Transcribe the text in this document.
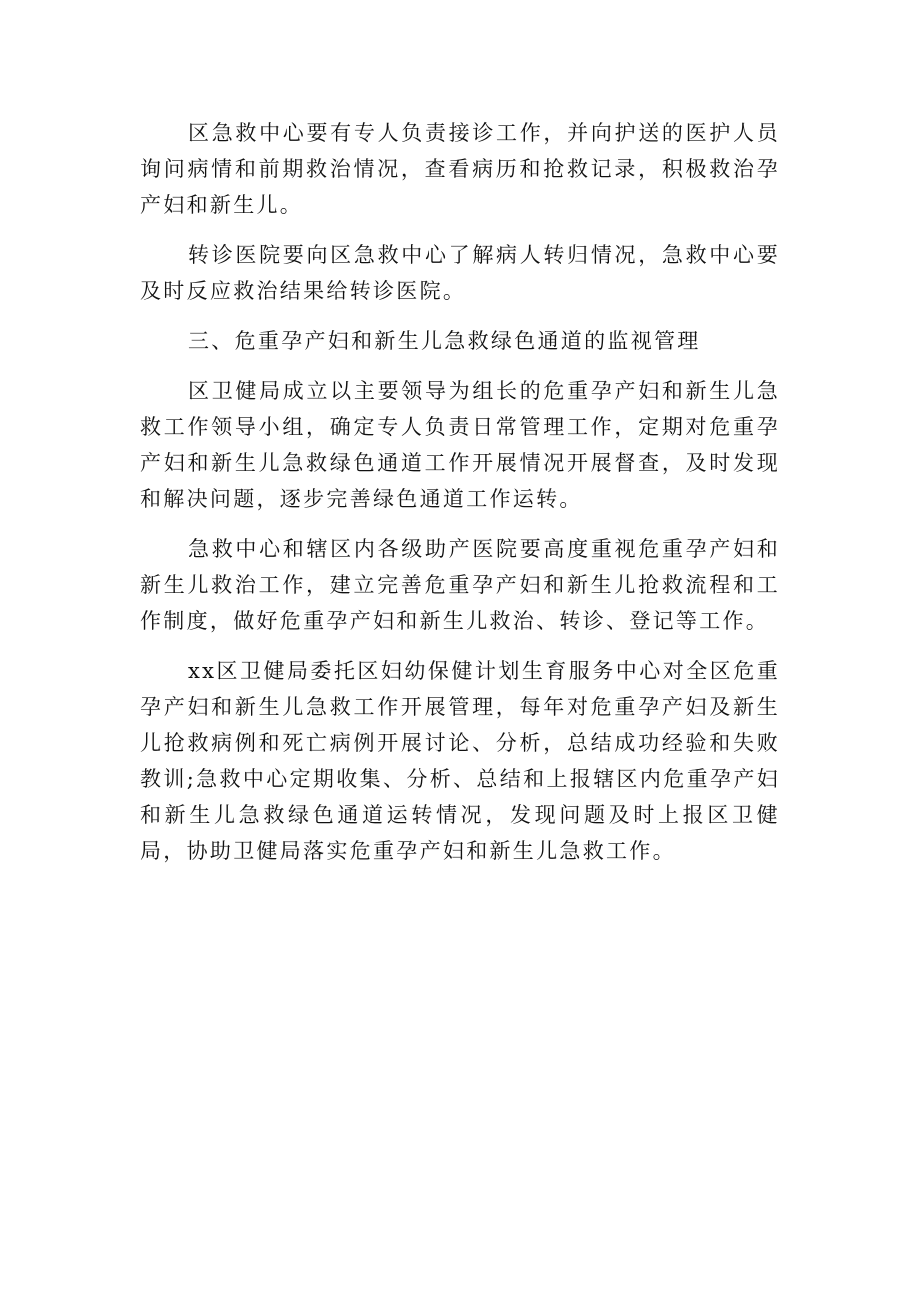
区急救中心要有专人负责接诊工作，并向护送的医护人员询问病情和前期救治情况，查看病历和抢救记录，积极救治孕产妇和新生儿。

转诊医院要向区急救中心了解病人转归情况，急救中心要及时反应救治结果给转诊医院。

三、危重孕产妇和新生儿急救绿色通道的监视管理

区卫健局成立以主要领导为组长的危重孕产妇和新生儿急救工作领导小组，确定专人负责日常管理工作，定期对危重孕产妇和新生儿急救绿色通道工作开展情况开展督查，及时发现和解决问题，逐步完善绿色通道工作运转。

急救中心和辖区内各级助产医院要高度重视危重孕产妇和新生儿救治工作，建立完善危重孕产妇和新生儿抢救流程和工作制度，做好危重孕产妇和新生儿救治、转诊、登记等工作。

xx区卫健局委托区妇幼保健计划生育服务中心对全区危重孕产妇和新生儿急救工作开展管理，每年对危重孕产妇及新生儿抢救病例和死亡病例开展讨论、分析，总结成功经验和失败教训;急救中心定期收集、分析、总结和上报辖区内危重孕产妇和新生儿急救绿色通道运转情况，发现问题及时上报区卫健局，协助卫健局落实危重孕产妇和新生儿急救工作。
